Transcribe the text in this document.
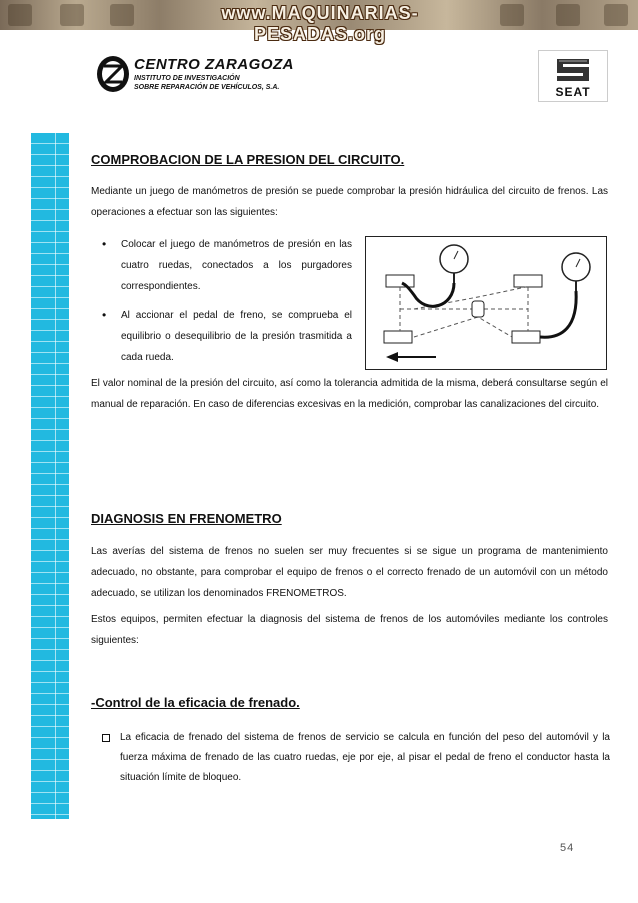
www.MAQUINARIAS-PESADAS.org
CENTRO ZARAGOZA
INSTITUTO DE INVESTIGACIÓN
SOBRE REPARACIÓN DE VEHÍCULOS, S.A.	SEAT
COMPROBACION DE LA PRESION DEL CIRCUITO.

Mediante un juego de manómetros de presión se puede comprobar la presión hidráulica del circuito de frenos. Las operaciones a efectuar son las siguientes:

• Colocar el juego de manómetros de presión en las cuatro ruedas, conectados a los purgadores correspondientes.
• Al accionar el pedal de freno, se comprueba el equilibrio o desequilibrio de la presión trasmitida a cada rueda.

El valor nominal de la presión del circuito, así como la tolerancia admitida de la misma, deberá consultarse según el manual de reparación. En caso de diferencias excesivas en la medición, comprobar las canalizaciones del circuito.

DIAGNOSIS EN FRENOMETRO

Las averías del sistema de frenos no suelen ser muy frecuentes si se sigue un programa de mantenimiento adecuado, no obstante, para comprobar el equipo de frenos o el correcto frenado de un automóvil con un método adecuado, se utilizan los denominados FRENOMETROS.

Estos equipos, permiten efectuar la diagnosis del sistema de frenos de los automóviles mediante los controles siguientes:

-Control de la eficacia de frenado.
La eficacia de frenado del sistema de frenos de servicio se calcula en función del peso del automóvil y la fuerza máxima de frenado de las cuatro ruedas, eje por eje, al pisar el pedal de freno el conductor hasta la situación límite de bloqueo.
54
